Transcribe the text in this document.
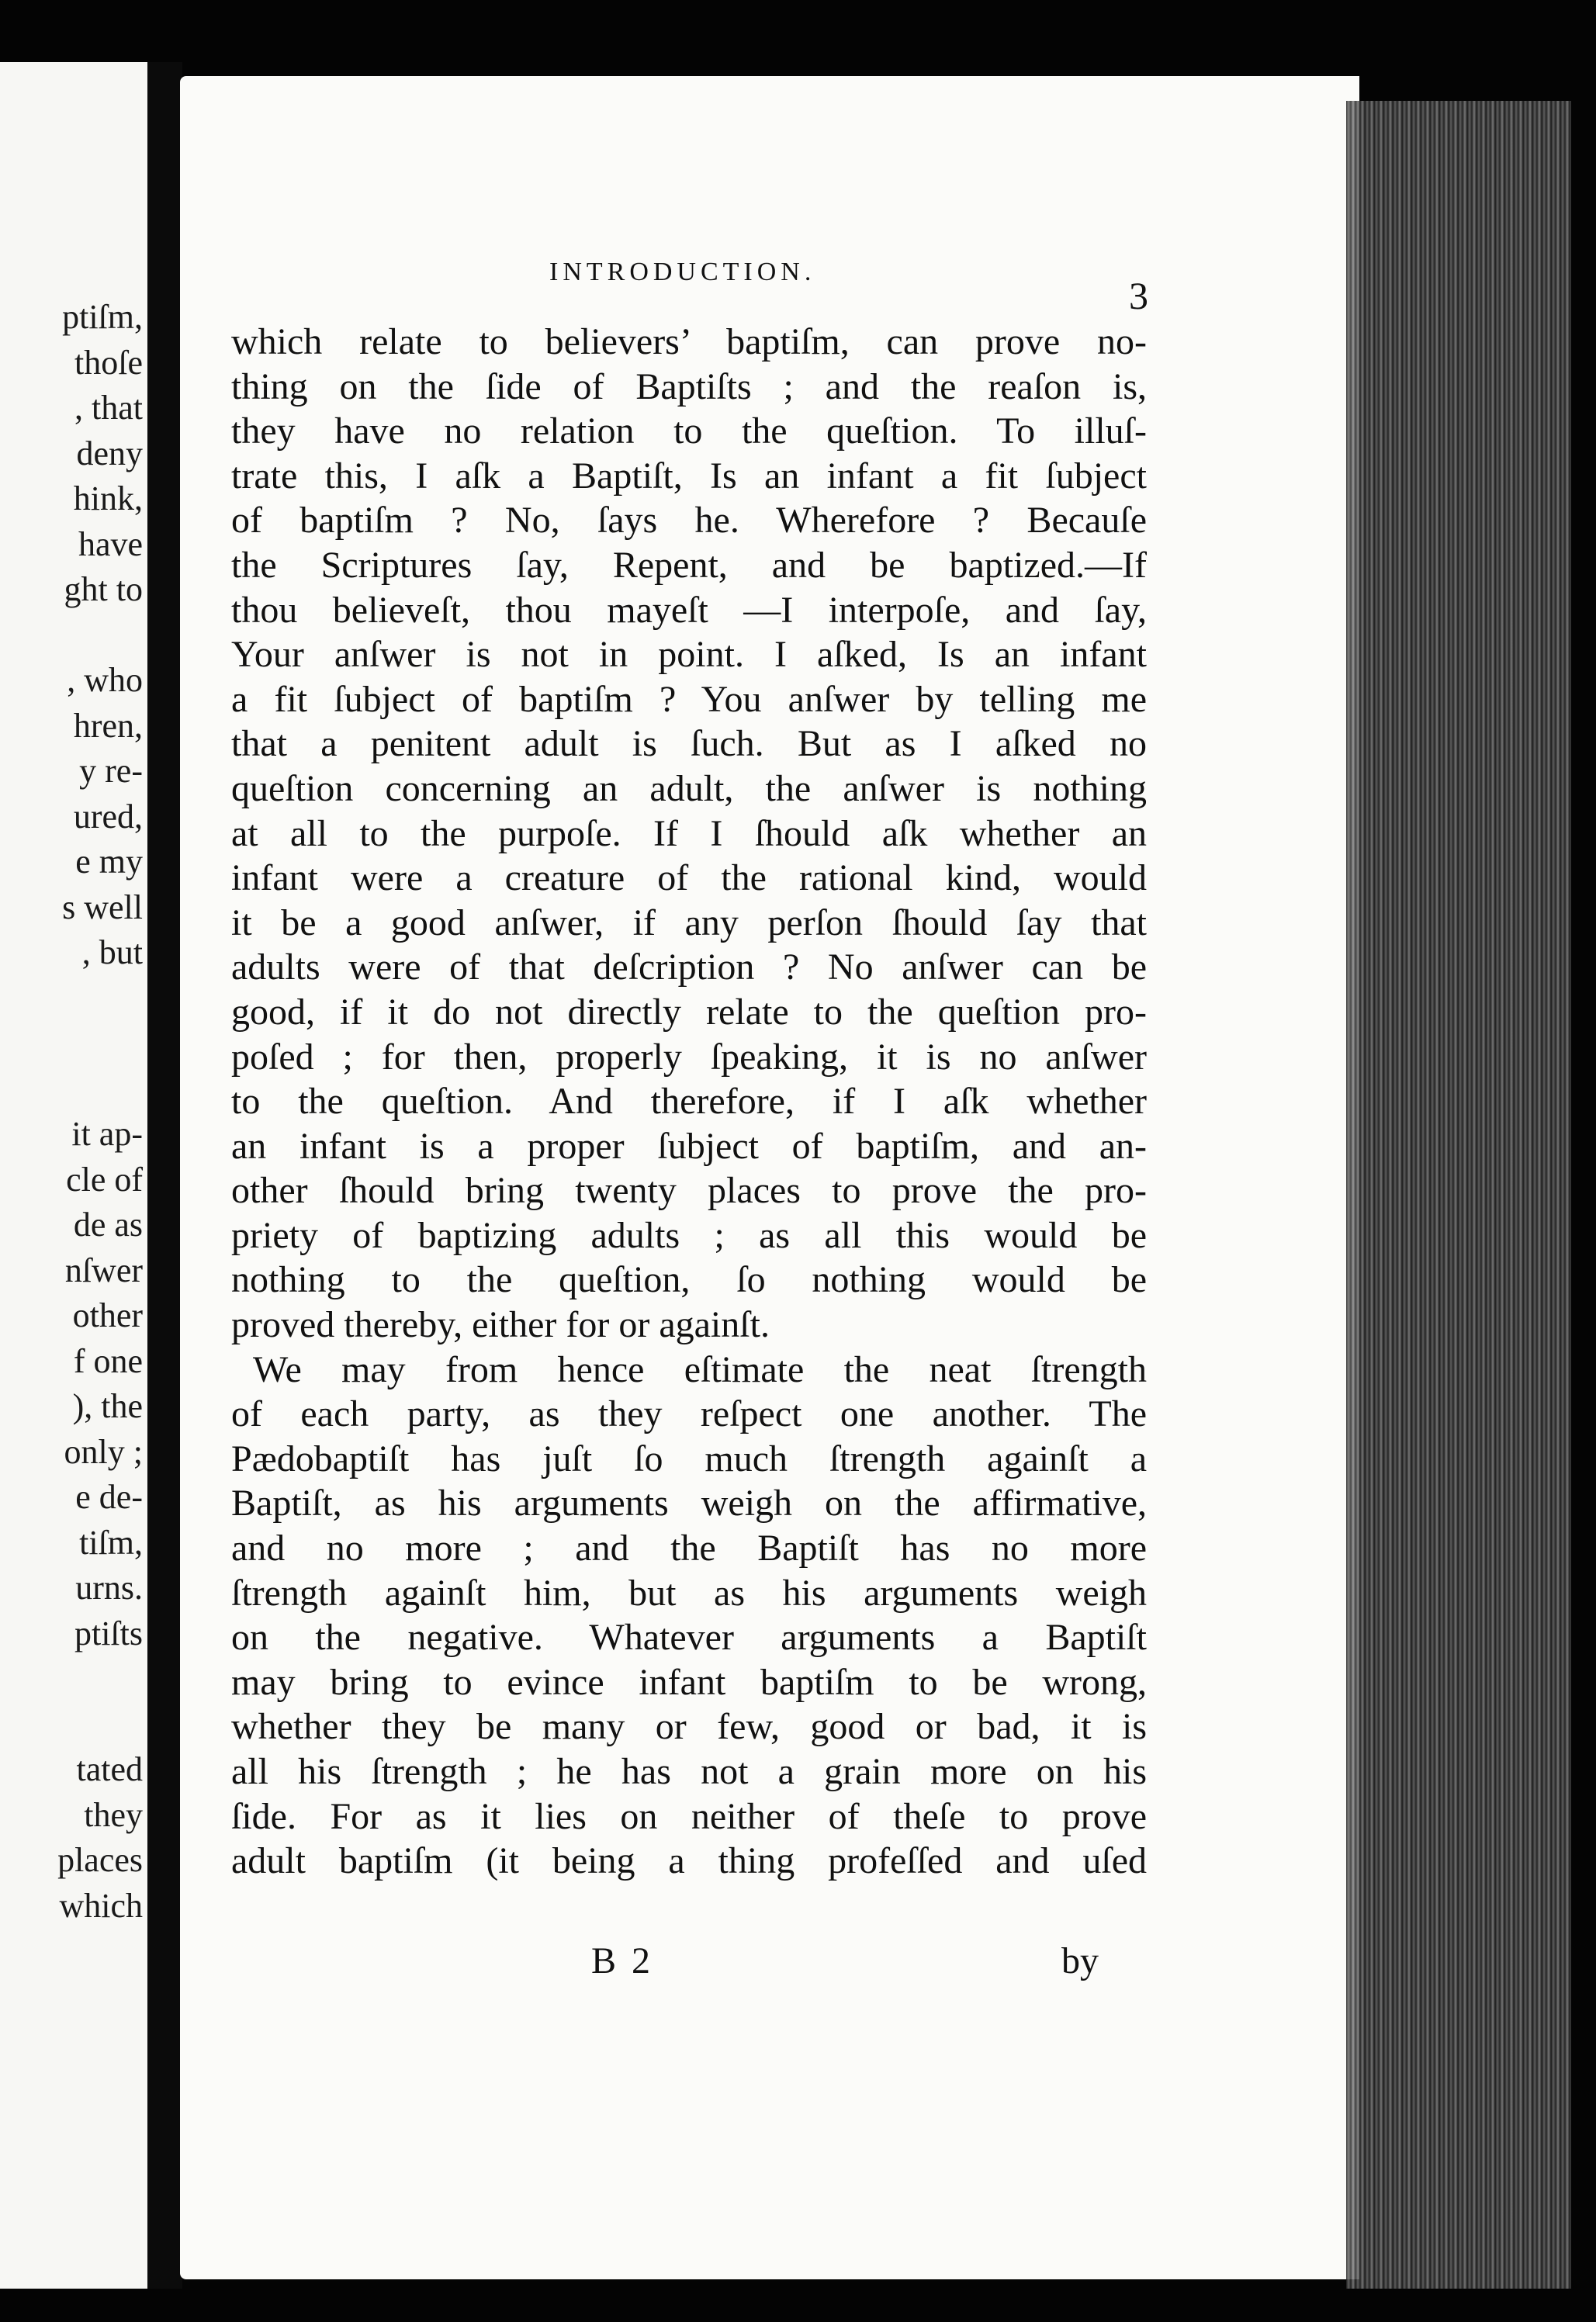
ptiſm,
thoſe
, that
deny
hink,
have
ght to
, who
hren,
y re-
ured,
e my
s well
, but
it ap-
cle of
de as
nſwer
other
f one
), the
only ;
e de-
tiſm,
urns.
ptiſts
tated
they
places
which
INTRODUCTION.
3
which relate to believers’ baptiſm, can prove no-
thing on the ſide of Baptiſts ; and the reaſon is,
they have no relation to the queſtion. To illuſ-
trate this, I aſk a Baptiſt, Is an infant a fit ſubject
of baptiſm ? No, ſays he. Wherefore ? Becauſe
the Scriptures ſay, Repent, and be baptized.—If
thou believeſt, thou mayeſt —I interpoſe, and ſay,
Your anſwer is not in point. I aſked, Is an infant
a fit ſubject of baptiſm ? You anſwer by telling me
that a penitent adult is ſuch. But as I aſked no
queſtion concerning an adult, the anſwer is nothing
at all to the purpoſe. If I ſhould aſk whether an
infant were a creature of the rational kind, would
it be a good anſwer, if any perſon ſhould ſay that
adults were of that deſcription ? No anſwer can be
good, if it do not directly relate to the queſtion pro-
poſed ; for then, properly ſpeaking, it is no anſwer
to the queſtion. And therefore, if I aſk whether
an infant is a proper ſubject of baptiſm, and an-
other ſhould bring twenty places to prove the pro-
priety of baptizing adults ; as all this would be
nothing to the queſtion, ſo nothing would be
proved thereby, either for or againſt.
We may from hence eſtimate the neat ſtrength
of each party, as they reſpect one another. The
Pædobaptiſt has juſt ſo much ſtrength againſt a
Baptiſt, as his arguments weigh on the affirmative,
and no more ; and the Baptiſt has no more
ſtrength againſt him, but as his arguments weigh
on the negative. Whatever arguments a Baptiſt
may bring to evince infant baptiſm to be wrong,
whether they be many or few, good or bad, it is
all his ſtrength ; he has not a grain more on his
ſide. For as it lies on neither of theſe to prove
adult baptiſm (it being a thing profeſſed and uſed
B 2	by
